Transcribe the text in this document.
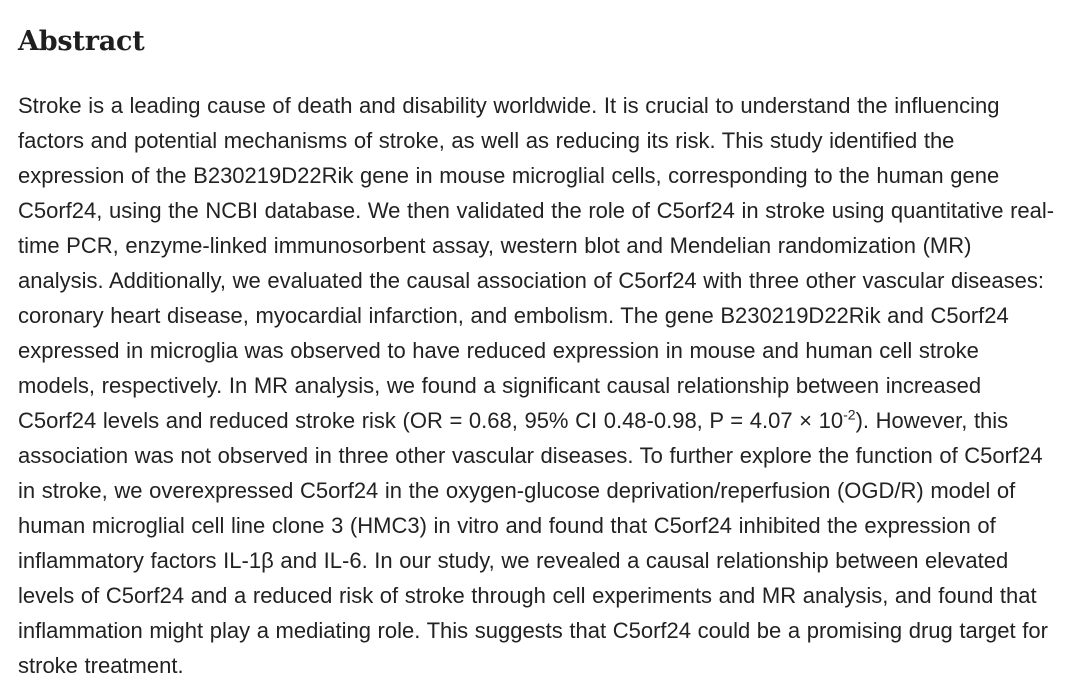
Abstract

Stroke is a leading cause of death and disability worldwide. It is crucial to understand the influencing factors and potential mechanisms of stroke, as well as reducing its risk. This study identified the expression of the B230219D22Rik gene in mouse microglial cells, corresponding to the human gene C5orf24, using the NCBI database. We then validated the role of C5orf24 in stroke using quantitative real-time PCR, enzyme-linked immunosorbent assay, western blot and Mendelian randomization (MR) analysis. Additionally, we evaluated the causal association of C5orf24 with three other vascular diseases: coronary heart disease, myocardial infarction, and embolism. The gene B230219D22Rik and C5orf24 expressed in microglia was observed to have reduced expression in mouse and human cell stroke models, respectively. In MR analysis, we found a significant causal relationship between increased C5orf24 levels and reduced stroke risk (OR = 0.68, 95% CI 0.48-0.98, $P = 4.07 \times 10^{-2}$). However, this association was not observed in three other vascular diseases. To further explore the function of C5orf24 in stroke, we overexpressed C5orf24 in the oxygen-glucose deprivation/reperfusion (OGD/R) model of human microglial cell line clone 3 (HMC3) in vitro and found that C5orf24 inhibited the expression of inflammatory factors IL-1β and IL-6. In our study, we revealed a causal relationship between elevated levels of C5orf24 and a reduced risk of stroke through cell experiments and MR analysis, and found that inflammation might play a mediating role. This suggests that C5orf24 could be a promising drug target for stroke treatment.
